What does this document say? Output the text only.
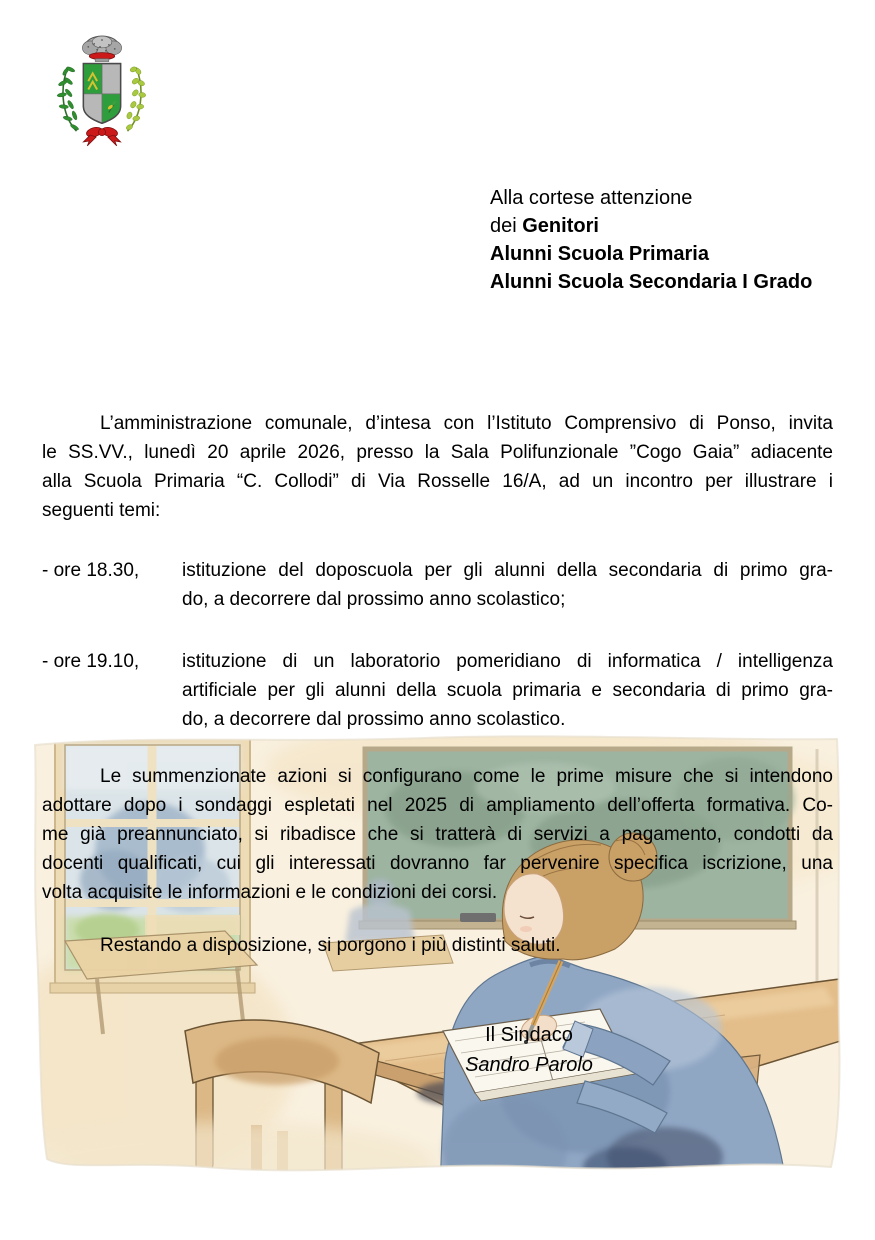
Alla cortese attenzione
dei Genitori
Alunni Scuola Primaria
Alunni Scuola Secondaria I Grado
L’amministrazione comunale, d’intesa con l’Istituto Comprensivo di Ponso, invita
le SS.VV., lunedì 20 aprile 2026, presso la Sala Polifunzionale ”Cogo Gaia” adiacente
alla Scuola Primaria “C. Collodi” di Via Rosselle 16/A, ad un incontro per illustrare i
seguenti temi:
- ore 18.30,	istituzione del doposcuola per gli alunni della secondaria di primo gra-
do, a decorrere dal prossimo anno scolastico;
- ore 19.10,	istituzione di un laboratorio pomeridiano di informatica / intelligenza
artificiale per gli alunni della scuola primaria e secondaria di primo gra-
do, a decorrere dal prossimo anno scolastico.
Le summenzionate azioni si configurano come le prime misure che si intendono
adottare dopo i sondaggi espletati nel 2025 di ampliamento dell’offerta formativa. Co-
me già preannunciato, si ribadisce che si tratterà di servizi a pagamento, condotti da
docenti qualificati, cui gli interessati dovranno far pervenire specifica iscrizione, una
volta acquisite le informazioni e le condizioni dei corsi.
Restando a disposizione, si porgono i più distinti saluti.
Il Sindaco
Sandro Parolo
